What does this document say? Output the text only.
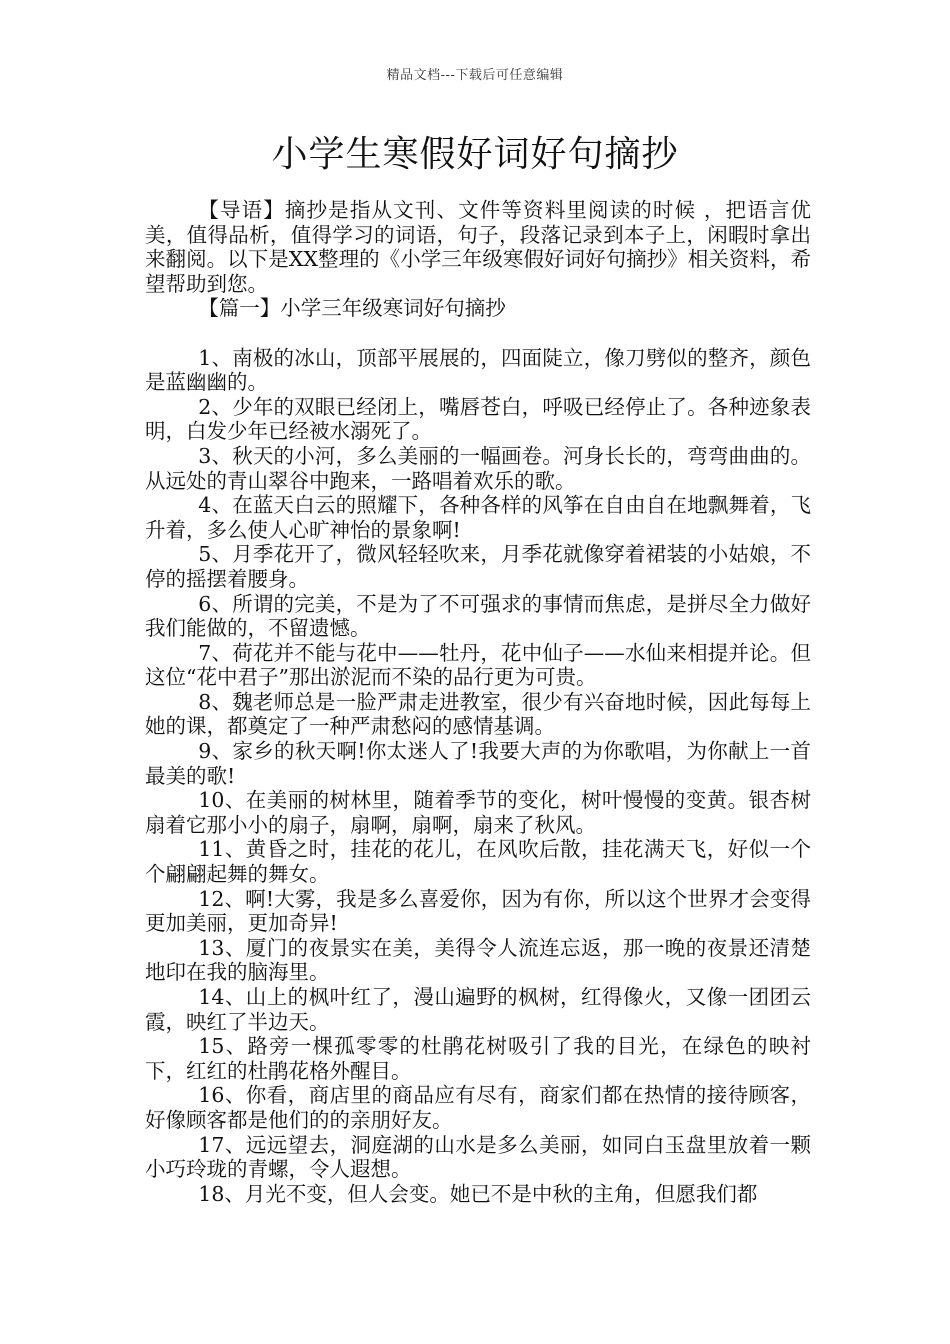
精品文档---下载后可任意编辑
小学生寒假好词好句摘抄

【导语】摘抄是指从文刊、文件等资料里阅读的时候 ，把语言优美，值得品析，值得学习的词语，句子，段落记录到本子上，闲暇时拿出来翻阅。以下是XX整理的《小学三年级寒假好词好句摘抄》相关资料，希望帮助到您。

【篇一】小学三年级寒词好句摘抄

1、南极的冰山，顶部平展展的，四面陡立，像刀劈似的整齐，颜色是蓝幽幽的。

2、少年的双眼已经闭上，嘴唇苍白，呼吸已经停止了。各种迹象表明，白发少年已经被水溺死了。

3、秋天的小河，多么美丽的一幅画卷。河身长长的，弯弯曲曲的。从远处的青山翠谷中跑来，一路唱着欢乐的歌。

4、在蓝天白云的照耀下，各种各样的风筝在自由自在地飘舞着，飞升着，多么使人心旷神怡的景象啊!

5、月季花开了，微风轻轻吹来，月季花就像穿着裙装的小姑娘，不停的摇摆着腰身。

6、所谓的完美，不是为了不可强求的事情而焦虑，是拼尽全力做好我们能做的，不留遗憾。

7、荷花并不能与花中——牡丹，花中仙子——水仙来相提并论。但这位“花中君子”那出淤泥而不染的品行更为可贵。

8、魏老师总是一脸严肃走进教室，很少有兴奋地时候，因此每每上她的课，都奠定了一种严肃愁闷的感情基调。

9、家乡的秋天啊!你太迷人了!我要大声的为你歌唱，为你献上一首最美的歌!

10、在美丽的树林里，随着季节的变化，树叶慢慢的变黄。银杏树扇着它那小小的扇子，扇啊，扇啊，扇来了秋风。

11、黄昏之时，挂花的花儿，在风吹后散，挂花满天飞，好似一个个翩翩起舞的舞女。

12、啊!大雾，我是多么喜爱你，因为有你，所以这个世界才会变得更加美丽，更加奇异!

13、厦门的夜景实在美，美得令人流连忘返，那一晚的夜景还清楚地印在我的脑海里。

14、山上的枫叶红了，漫山遍野的枫树，红得像火，又像一团团云霞，映红了半边天。

15、路旁一棵孤零零的杜鹃花树吸引了我的目光，在绿色的映衬下，红红的杜鹃花格外醒目。

16、你看，商店里的商品应有尽有，商家们都在热情的接待顾客，好像顾客都是他们的的亲朋好友。

17、远远望去，洞庭湖的山水是多么美丽，如同白玉盘里放着一颗小巧玲珑的青螺，令人遐想。

18、月光不变，但人会变。她已不是中秋的主角，但愿我们都
